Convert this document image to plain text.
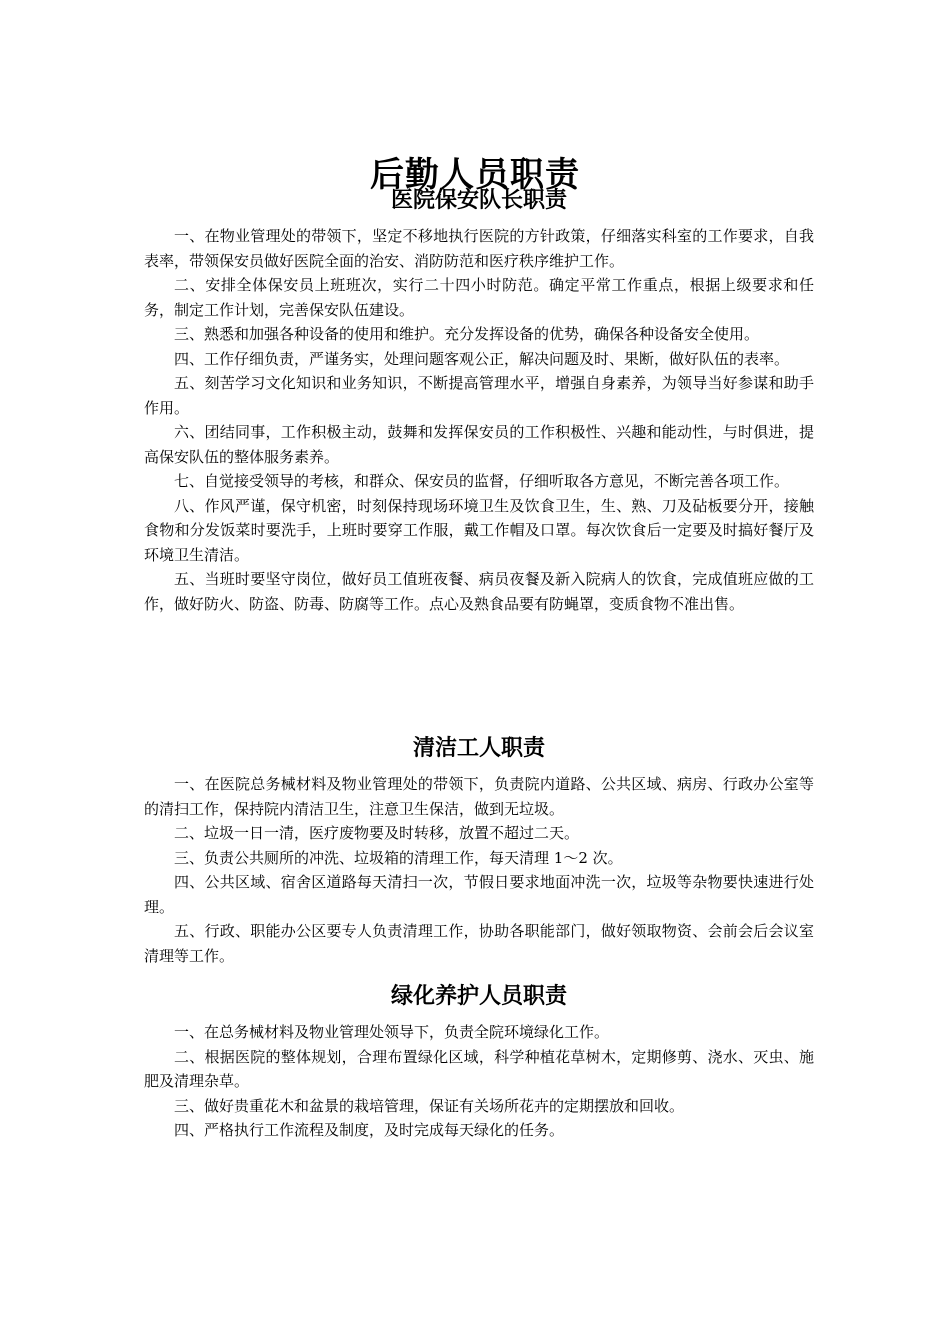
后勤人员职责
医院保安队长职责

一、在物业管理处的带领下，坚定不移地执行医院的方针政策，仔细落实科室的工作要求，自我表率，带领保安员做好医院全面的治安、消防防范和医疗秩序维护工作。

二、安排全体保安员上班班次，实行二十四小时防范。确定平常工作重点，根据上级要求和任务，制定工作计划，完善保安队伍建设。

三、熟悉和加强各种设备的使用和维护。充分发挥设备的优势，确保各种设备安全使用。

四、工作仔细负责，严谨务实，处理问题客观公正，解决问题及时、果断，做好队伍的表率。

五、刻苦学习文化知识和业务知识，不断提高管理水平，增强自身素养，为领导当好参谋和助手作用。

六、团结同事，工作积极主动，鼓舞和发挥保安员的工作积极性、兴趣和能动性，与时俱进，提高保安队伍的整体服务素养。

七、自觉接受领导的考核，和群众、保安员的监督，仔细听取各方意见，不断完善各项工作。

八、作风严谨，保守机密，时刻保持现场环境卫生及饮食卫生，生、熟、刀及砧板要分开，接触食物和分发饭菜时要洗手，上班时要穿工作服，戴工作帽及口罩。每次饮食后一定要及时搞好餐厅及环境卫生清洁。

五、当班时要坚守岗位，做好员工值班夜餐、病员夜餐及新入院病人的饮食，完成值班应做的工作，做好防火、防盗、防毒、防腐等工作。点心及熟食品要有防蝇罩，变质食物不准出售。

清洁工人职责

一、在医院总务械材料及物业管理处的带领下，负责院内道路、公共区域、病房、行政办公室等的清扫工作，保持院内清洁卫生，注意卫生保洁，做到无垃圾。

二、垃圾一日一清，医疗废物要及时转移，放置不超过二天。

三、负责公共厕所的冲洗、垃圾箱的清理工作，每天清理 1～2 次。

四、公共区域、宿舍区道路每天清扫一次，节假日要求地面冲洗一次，垃圾等杂物要快速进行处理。

五、行政、职能办公区要专人负责清理工作，协助各职能部门，做好领取物资、会前会后会议室清理等工作。

绿化养护人员职责

一、在总务械材料及物业管理处领导下，负责全院环境绿化工作。

二、根据医院的整体规划，合理布置绿化区域，科学种植花草树木，定期修剪、浇水、灭虫、施肥及清理杂草。

三、做好贵重花木和盆景的栽培管理，保证有关场所花卉的定期摆放和回收。

四、严格执行工作流程及制度，及时完成每天绿化的任务。
